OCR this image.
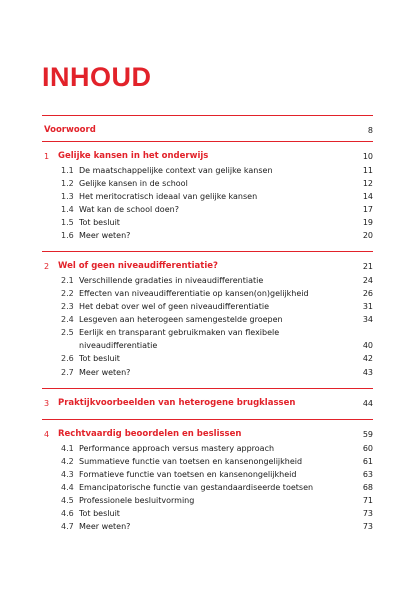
INHOUD
Voorwoord	8
1 Gelijke kansen in het onderwijs	10
1.1 De maatschappelijke context van gelijke kansen	11
1.2 Gelijke kansen in de school	12
1.3 Het meritocratisch ideaal van gelijke kansen	14
1.4 Wat kan de school doen?	17
1.5 Tot besluit	19
1.6 Meer weten?	20
2 Wel of geen niveaudifferentiatie?	21
2.1 Verschillende gradaties in niveaudifferentiatie	24
2.2 Effecten van niveaudifferentiatie op kansen(on)gelijkheid	26
2.3 Het debat over wel of geen niveaudifferentiatie	31
2.4 Lesgeven aan heterogeen samengestelde groepen	34
2.5 Eerlijk en transparant gebruikmaken van flexibele
niveaudifferentiatie	40
2.6 Tot besluit	42
2.7 Meer weten?	43
3 Praktijkvoorbeelden van heterogene brugklassen	44
4 Rechtvaardig beoordelen en beslissen	59
4.1 Performance approach versus mastery approach	60
4.2 Summatieve functie van toetsen en kansenongelijkheid	61
4.3 Formatieve functie van toetsen en kansenongelijkheid	63
4.4 Emancipatorische functie van gestandaardiseerde toetsen	68
4.5 Professionele besluitvorming	71
4.6 Tot besluit	73
4.7 Meer weten?	73
